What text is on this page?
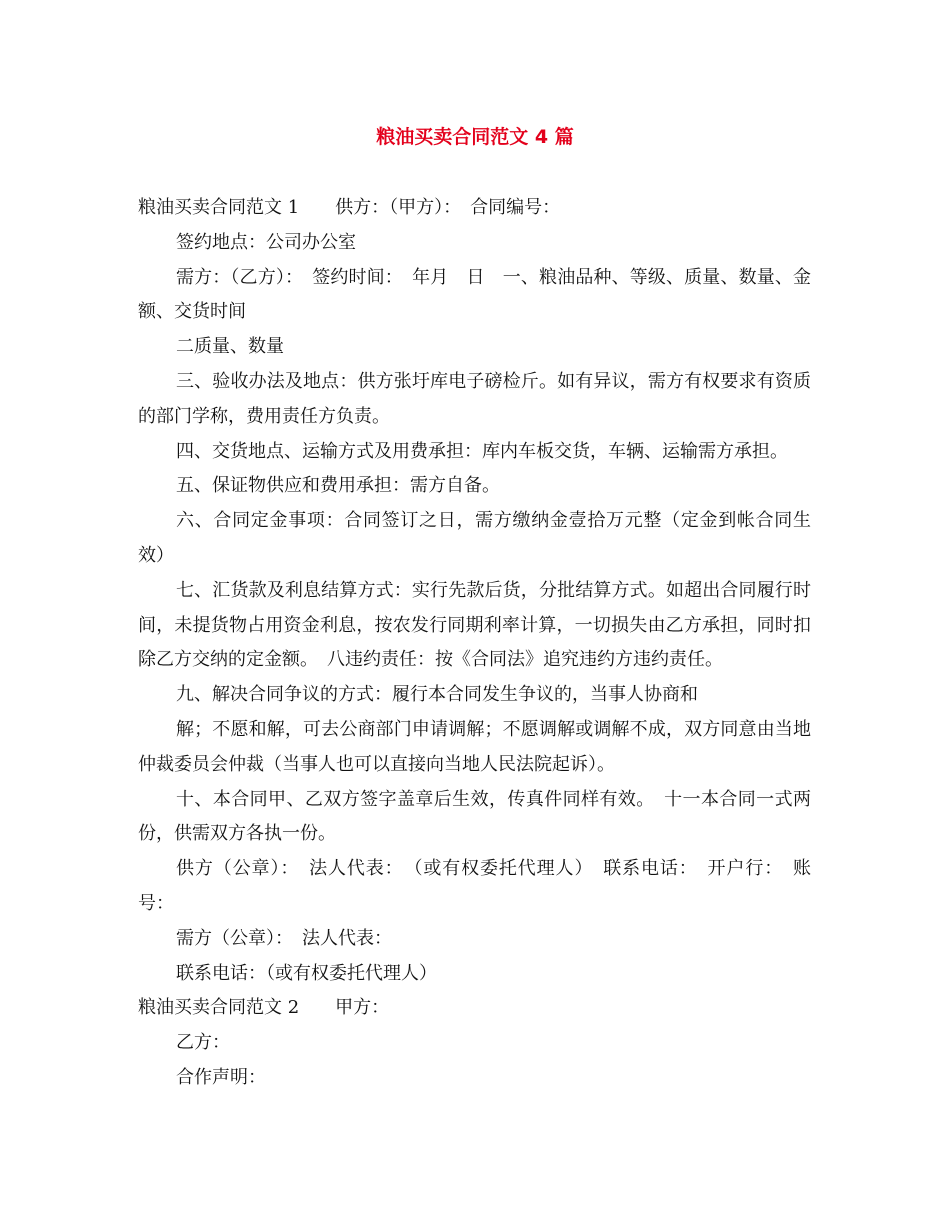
粮油买卖合同范文 4 篇

粮油买卖合同范文 1　　供方：（甲方）：　合同编号：

签约地点：公司办公室

需方：（乙方）：　签约时间：　年月　日　一、粮油品种、等级、质量、数量、金额、交货时间

二质量、数量

三、验收办法及地点：供方张圩库电子磅检斤。如有异议，需方有权要求有资质的部门学称，费用责任方负责。

四、交货地点、运输方式及用费承担：库内车板交货，车辆、运输需方承担。

五、保证物供应和费用承担：需方自备。

六、合同定金事项：合同签订之日，需方缴纳金壹拾万元整（定金到帐合同生效）

七、汇货款及利息结算方式：实行先款后货，分批结算方式。如超出合同履行时间，未提货物占用资金利息，按农发行同期利率计算，一切损失由乙方承担，同时扣除乙方交纳的定金额。　八违约责任：按《合同法》追究违约方违约责任。

九、解决合同争议的方式：履行本合同发生争议的，当事人协商和

解；不愿和解，可去公商部门申请调解；不愿调解或调解不成，双方同意由当地仲裁委员会仲裁（当事人也可以直接向当地人民法院起诉）。

十、本合同甲、乙双方签字盖章后生效，传真件同样有效。　十一本合同一式两份，供需双方各执一份。

供方（公章）：　法人代表：　（或有权委托代理人）　联系电话：　开户行：　账号：

需方（公章）：　法人代表：

联系电话：（或有权委托代理人）

粮油买卖合同范文 2　　甲方：

乙方：

合作声明：
